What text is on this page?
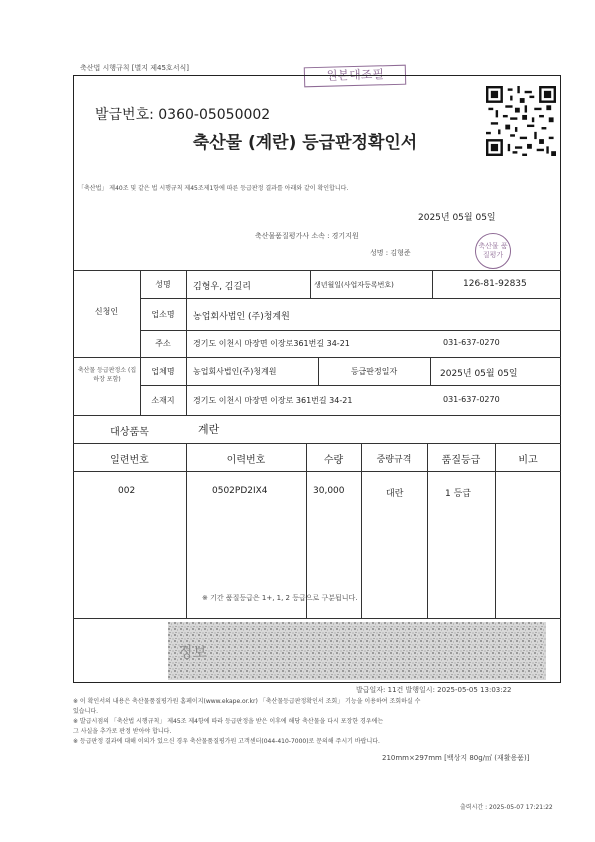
축산법 시행규칙 [별지 제45호서식]	원본대조필
발급번호: 0360-05050002
축산물 (계란) 등급판정확인서
「축산법」 제40조 및 같은 법 시행규칙 제45조제1항에 따른 등급판정 결과를 아래와 같이 확인합니다.
2025년 05월 05일
축산물품질평가사 소속 : 경기지원
성명 : 김형준
축산물 품질평가
신청인
성명	김형우, 김길리	생년월일(사업자등록번호)	126-81-92835
업소명	농업회사법인 (주)청계원
주소	경기도 이천시 마장면 이장로361번길 34-21	031-637-0270
축산물 등급판정소 (집하장 포함)
업체명	농업회사법인(주)청계원	등급판정일자	2025년 05월 05일
소재지	경기도 이천시 마장면 이장로 361번길 34-21	031-637-0270
대상품목	계란
일련번호	이력번호	수량	중량규격	품질등급	비고
002	0502PD2IX4	30,000	대란	1 등급
※ 기간 품질등급은 1+, 1, 2 등급으로 구분됩니다.
정보
발급일자: 11건 발행일시: 2025-05-05 13:03:22
※ 이 확인서의 내용은 축산물품질평가원 홈페이지(www.ekape.or.kr) 「축산물등급판정확인서 조회」 기능을 이용하여 조회하실 수
있습니다.
※ 발급시점의 「축산법 시행규칙」 제45조 제4항에 따라 등급판정을 받은 이후에 해당 축산물을 다시 포장한 경우에는
그 사실을 추가로 판정 받아야 합니다.
※ 등급판정 결과에 대해 이의가 있으신 경우 축산물품질평가원 고객센터(044-410-7000)로 문의해 주시기 바랍니다.
210mm×297mm [백상지 80g/㎡ (재활용품)]
출력시간 : 2025-05-07 17:21:22
